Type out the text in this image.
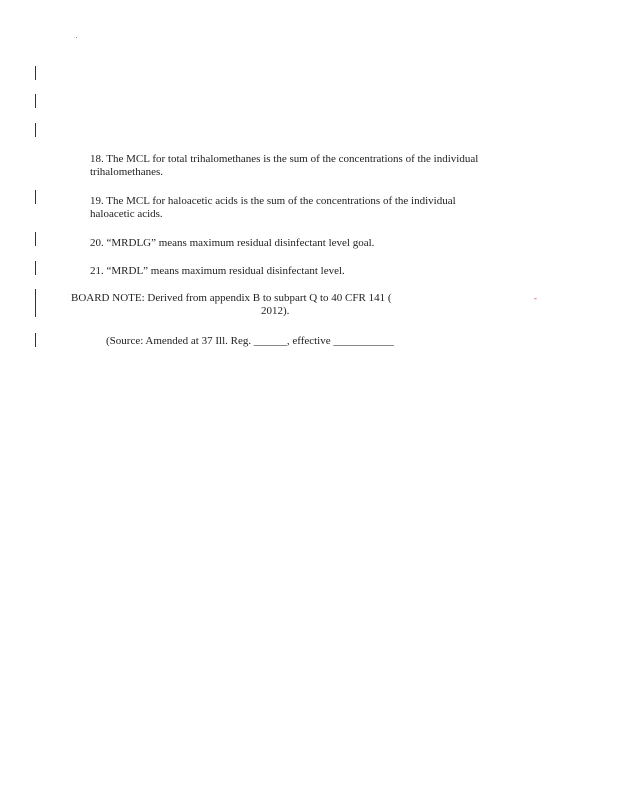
18. The MCL for total trihalomethanes is the sum of the concentrations of the individual
trihalomethanes.
19. The MCL for haloacetic acids is the sum of the concentrations of the individual
haloacetic acids.
20. “MRDLG” means maximum residual disinfectant level goal.
21. “MRDL” means maximum residual disinfectant level.
BOARD NOTE: Derived from appendix B to subpart Q to 40 CFR 141 (
2012).
-
(Source: Amended at 37 Ill. Reg. ______, effective ___________
